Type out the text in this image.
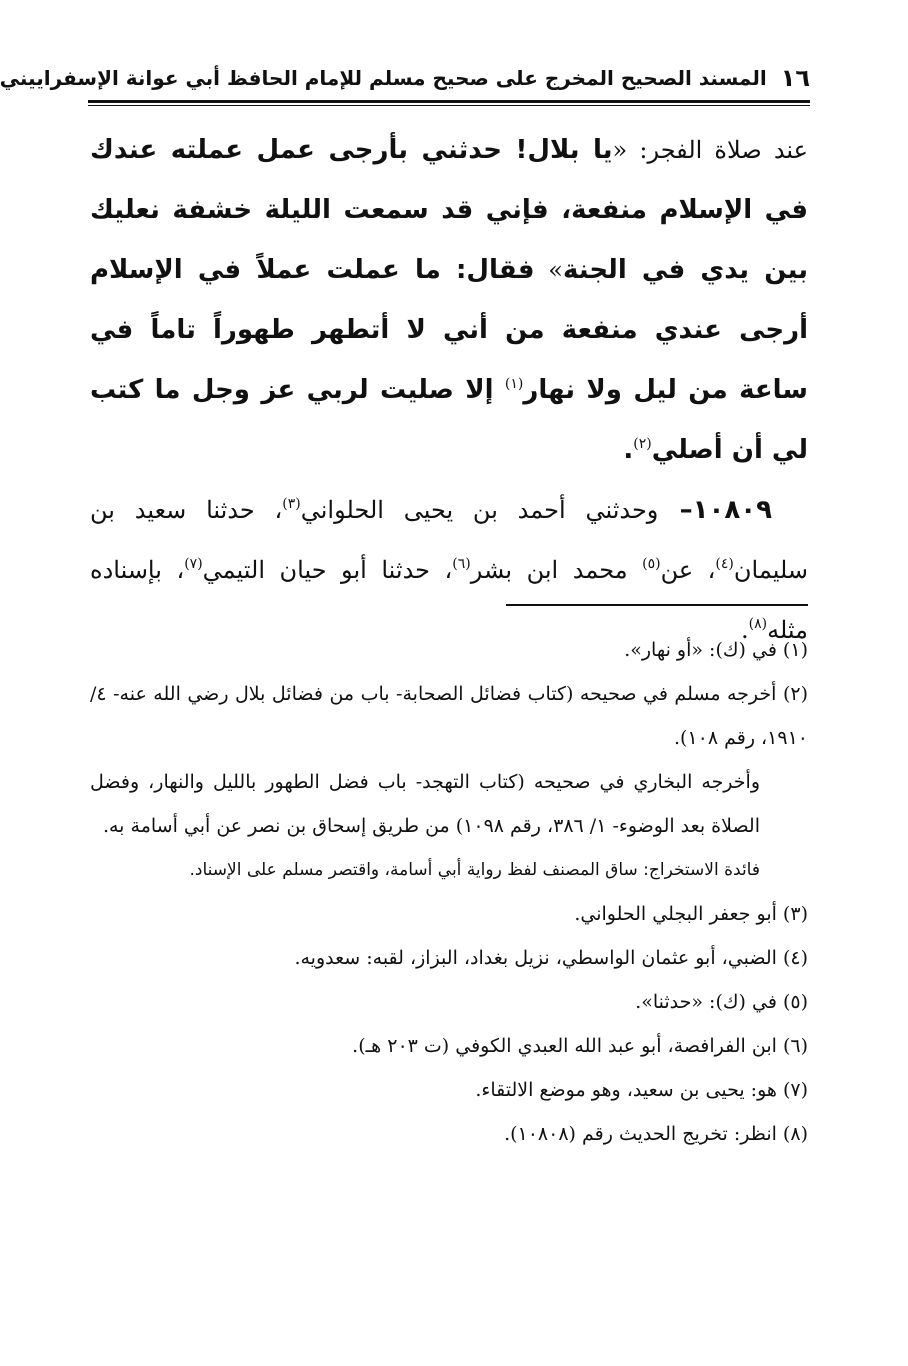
١٦
المسند الصحيح المخرج على صحيح مسلم للإمام الحافظ أبي عوانة الإسفراييني

عند صلاة الفجر: «يا بلال! حدثني بأرجى عمل عملته عندك في الإسلام منفعة، فإني قد سمعت الليلة خشفة نعليك بين يدي في الجنة» فقال: ما عملت عملاً في الإسلام أرجى عندي منفعة من أني لا أتطهر طهوراً تاماً في ساعة من ليل ولا نهار$^{(١)}$ إلا صليت لربي عز وجل ما كتب لي أن أصلي$^{(٢)}$.

١٠٨٠٩– وحدثني أحمد بن يحيى الحلواني$^{(٣)}$، حدثنا سعيد بن سليمان$^{(٤)}$، عن$^{(٥)}$ محمد ابن بشر$^{(٦)}$، حدثنا أبو حيان التيمي$^{(٧)}$، بإسناده مثله$^{(٨)}$.

(١) في (ك): «أو نهار».

(٢) أخرجه مسلم في صحيحه (كتاب فضائل الصحابة- باب من فضائل بلال رضي الله عنه- ٤/ ١٩١٠، رقم ١٠٨).

وأخرجه البخاري في صحيحه (كتاب التهجد- باب فضل الطهور بالليل والنهار، وفضل الصلاة بعد الوضوء- ١/ ٣٨٦، رقم ١٠٩٨) من طريق إسحاق بن نصر عن أبي أسامة به.

فائدة الاستخراج: ساق المصنف لفظ رواية أبي أسامة، واقتصر مسلم على الإسناد.

(٣) أبو جعفر البجلي الحلواني.

(٤) الضبي، أبو عثمان الواسطي، نزيل بغداد، البزاز، لقبه: سعدويه.

(٥) في (ك): «حدثنا».

(٦) ابن الفرافصة، أبو عبد الله العبدي الكوفي (ت ٢٠٣ هـ).

(٧) هو: يحيى بن سعيد، وهو موضع الالتقاء.

(٨) انظر: تخريج الحديث رقم (١٠٨٠٨).
